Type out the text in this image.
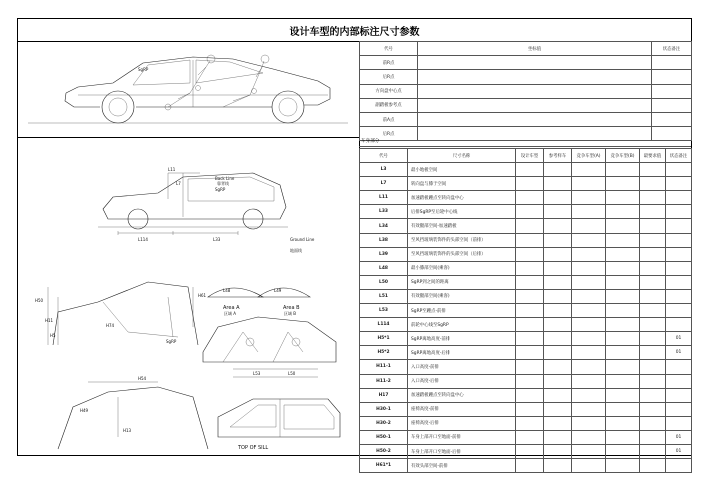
设计车型的内部标注尺寸参数
SgRP
L11
L7
Back Line
靠背线
SgRP
Ground Line
地面线
L114	L33
H50
H11
H5
H61
H74
SgRP
L48	L49
Area A
区域 A
Area B
区域 B
L53	L50
H54
H49
H13
TOP OF SILL
代号	坐标值	状态备注
前R点		
后R点		
方向盘中心点		
副踏板参考点		
前A点		
后R点		
车身部分
代号	尺寸名称	设计车型	参考样车	竞争车型(A)	竞争车型(B)	最要求值	状态备注
L3	最小地板空间						
L7	转向盘与膝于空间						
L11	加速踏板踵点至转向盘中心						
L33	后排SgRP至后轮中心线						
L34	有效腿部空间-加速踏板						
L38	至风挡玻璃装饰件的头部空间（前排）						
L39	至风挡玻璃装饰件的头部空间（后排）						
L48	最小膝部空间(乘客)						
L50	SgRP到之间的距离						
L51	有效腿部空间(乘客)						
L53	SgRP至踵点-前排						
L114	前轮中心线至SgRP						
H5*1	SgRP离地高度-前排						01
H5*2	SgRP离地高度-后排						01
H11-1	入口高度-前排						
H11-2	入口高度-后排						
H17	加速踏板踵点至转向盘中心						
H30-1	座椅高度-前排						
H30-2	座椅高度-后排						
H50-1	车身上部开口至地面-前排						01
H50-2	车身上部开口至地面-后排						01
H61*1	有效头部空间-前排						
